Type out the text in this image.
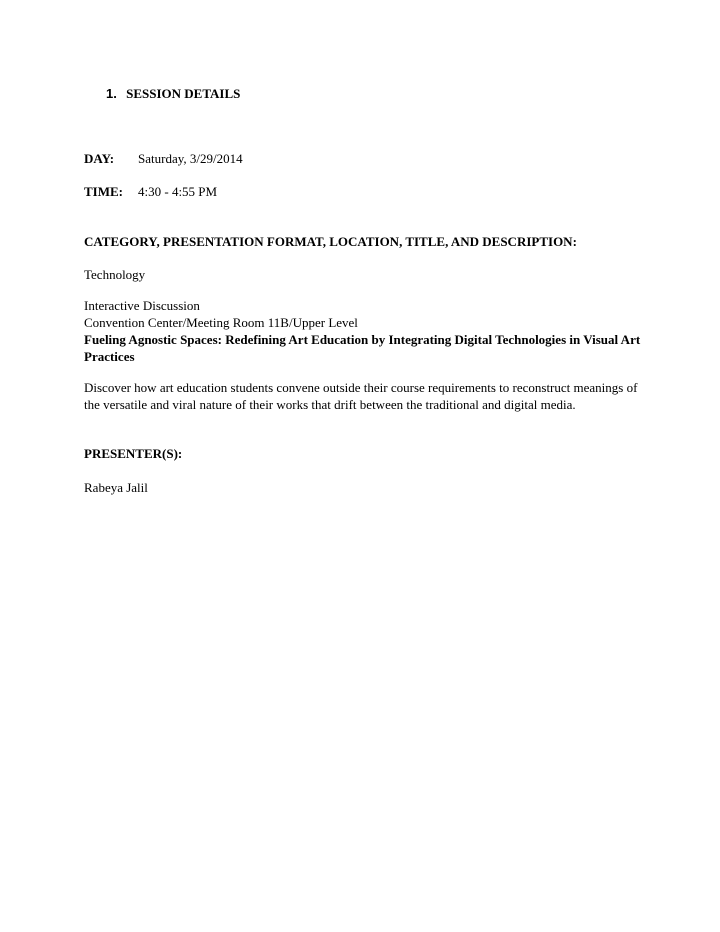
1. SESSION DETAILS
DAY: Saturday, 3/29/2014
TIME: 4:30 - 4:55 PM
CATEGORY, PRESENTATION FORMAT, LOCATION, TITLE, AND DESCRIPTION:
Technology
Interactive Discussion
Convention Center/Meeting Room 11B/Upper Level
Fueling Agnostic Spaces: Redefining Art Education by Integrating Digital Technologies in Visual Art Practices
Discover how art education students convene outside their course requirements to reconstruct meanings of the versatile and viral nature of their works that drift between the traditional and digital media.
PRESENTER(S):
Rabeya Jalil
